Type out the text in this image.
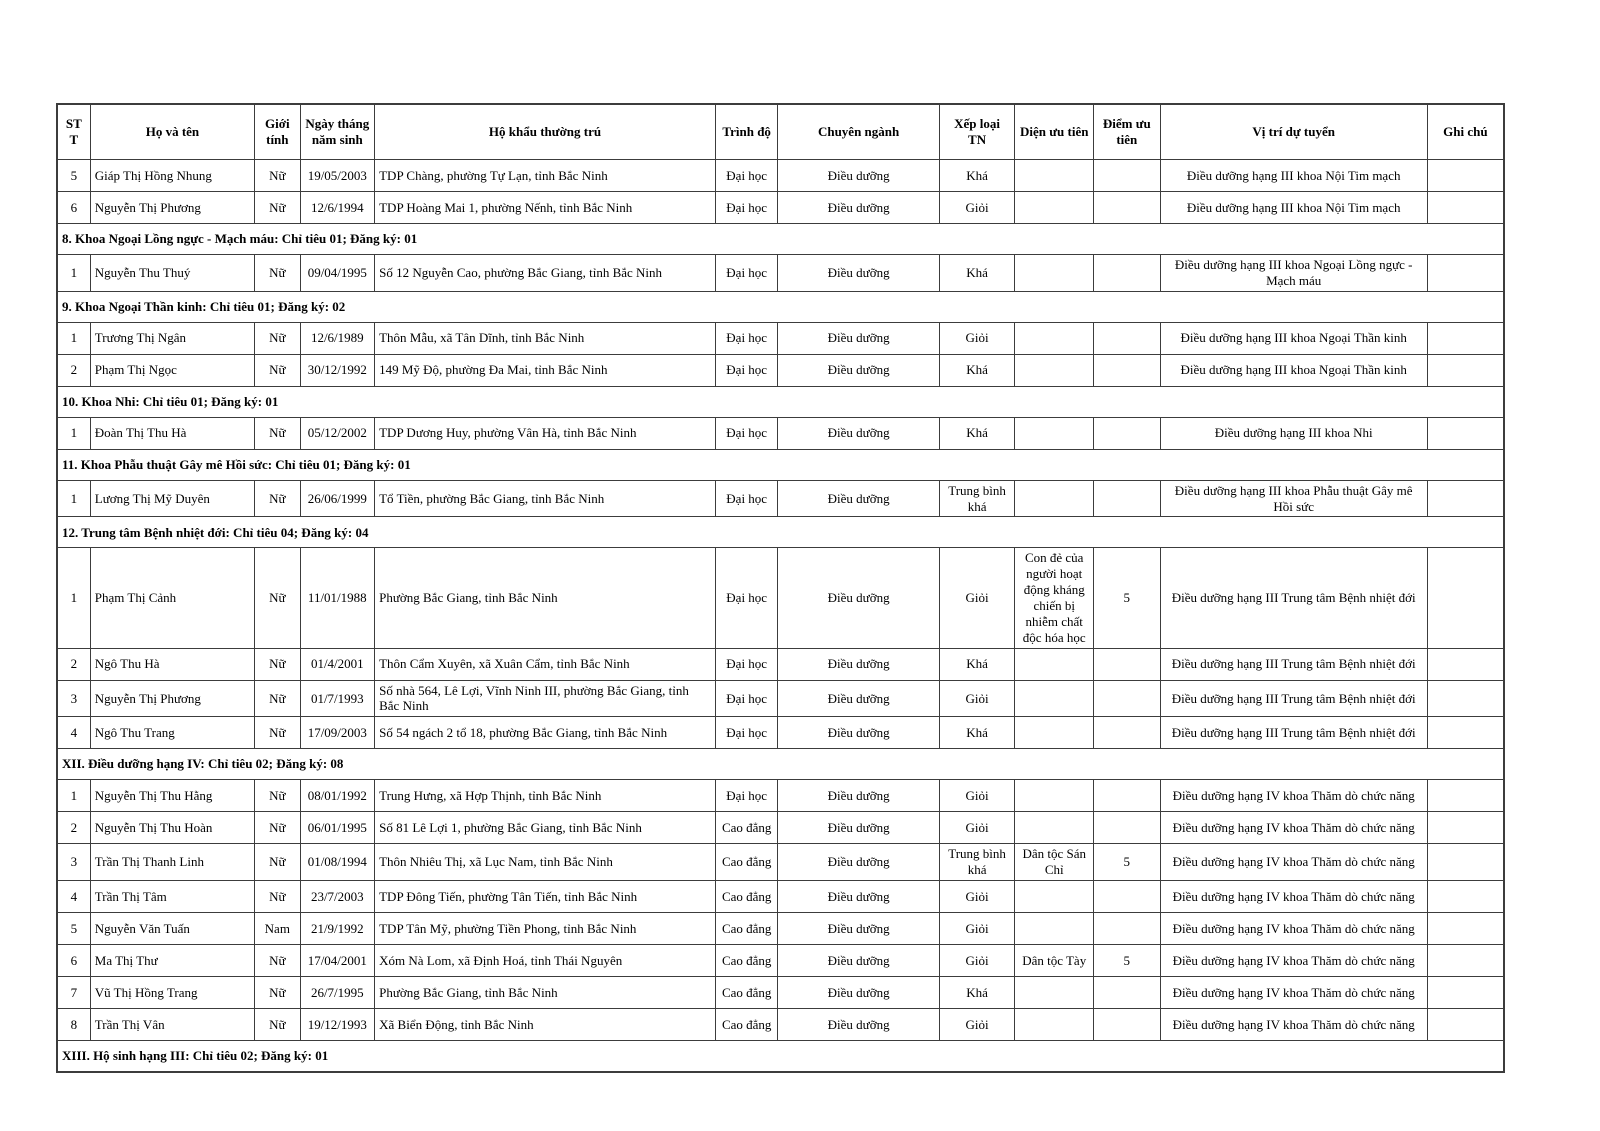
STT	Họ và tên	Giới tính	Ngày tháng năm sinh	Hộ khẩu thường trú	Trình độ	Chuyên ngành	Xếp loại TN	Diện ưu tiên	Điểm ưu tiên	Vị trí dự tuyển	Ghi chú
5	Giáp Thị Hồng Nhung	Nữ	19/05/2003	TDP Chàng, phường Tự Lạn, tỉnh Bắc Ninh	Đại học	Điều dưỡng	Khá			Điều dưỡng hạng III khoa Nội Tim mạch	
6	Nguyễn Thị Phương	Nữ	12/6/1994	TDP Hoàng Mai 1, phường Nếnh, tỉnh Bắc Ninh	Đại học	Điều dưỡng	Giỏi			Điều dưỡng hạng III khoa Nội Tim mạch	
8. Khoa Ngoại Lồng ngực - Mạch máu: Chỉ tiêu 01; Đăng ký: 01											
1	Nguyễn Thu Thuý	Nữ	09/04/1995	Số 12 Nguyễn Cao, phường Bắc Giang, tỉnh Bắc Ninh	Đại học	Điều dưỡng	Khá			Điều dưỡng hạng III khoa Ngoại Lồng ngực - Mạch máu	
9. Khoa Ngoại Thần kinh: Chỉ tiêu 01; Đăng ký: 02											
1	Trương Thị Ngân	Nữ	12/6/1989	Thôn Mẫu, xã Tân Dĩnh, tỉnh Bắc Ninh	Đại học	Điều dưỡng	Giỏi			Điều dưỡng hạng III khoa Ngoại Thần kinh	
2	Phạm Thị Ngọc	Nữ	30/12/1992	149 Mỹ Độ, phường Đa Mai, tỉnh Bắc Ninh	Đại học	Điều dưỡng	Khá			Điều dưỡng hạng III khoa Ngoại Thần kinh	
10. Khoa Nhi: Chỉ tiêu 01; Đăng ký: 01											
1	Đoàn Thị Thu Hà	Nữ	05/12/2002	TDP Dương Huy, phường Vân Hà, tỉnh Bắc Ninh	Đại học	Điều dưỡng	Khá			Điều dưỡng hạng III khoa Nhi	
11. Khoa Phẫu thuật Gây mê Hồi sức: Chỉ tiêu 01; Đăng ký: 01											
1	Lương Thị Mỹ Duyên	Nữ	26/06/1999	Tổ Tiền, phường Bắc Giang, tỉnh Bắc Ninh	Đại học	Điều dưỡng	Trung bình khá			Điều dưỡng hạng III khoa Phẫu thuật Gây mê Hồi sức	
12. Trung tâm Bệnh nhiệt đới: Chỉ tiêu 04; Đăng ký: 04											
1	Phạm Thị Cảnh	Nữ	11/01/1988	Phường Bắc Giang, tỉnh Bắc Ninh	Đại học	Điều dưỡng	Giỏi	Con đẻ của người hoạt động kháng chiến bị nhiễm chất độc hóa học	5	Điều dưỡng hạng III Trung tâm Bệnh nhiệt đới	
2	Ngô Thu Hà	Nữ	01/4/2001	Thôn Cẩm Xuyên, xã Xuân Cẩm, tỉnh Bắc Ninh	Đại học	Điều dưỡng	Khá			Điều dưỡng hạng III Trung tâm Bệnh nhiệt đới	
3	Nguyễn Thị Phương	Nữ	01/7/1993	Số nhà 564, Lê Lợi, Vĩnh Ninh III, phường Bắc Giang, tỉnh Bắc Ninh	Đại học	Điều dưỡng	Giỏi			Điều dưỡng hạng III Trung tâm Bệnh nhiệt đới	
4	Ngô Thu Trang	Nữ	17/09/2003	Số 54 ngách 2 tổ 18, phường Bắc Giang, tỉnh Bắc Ninh	Đại học	Điều dưỡng	Khá			Điều dưỡng hạng III Trung tâm Bệnh nhiệt đới	
XII. Điều dưỡng hạng IV: Chỉ tiêu 02; Đăng ký: 08											
1	Nguyễn Thị Thu Hằng	Nữ	08/01/1992	Trung Hưng, xã Hợp Thịnh, tỉnh Bắc Ninh	Đại học	Điều dưỡng	Giỏi			Điều dưỡng hạng IV khoa Thăm dò chức năng	
2	Nguyễn Thị Thu Hoàn	Nữ	06/01/1995	Số 81 Lê Lợi 1, phường Bắc Giang, tỉnh Bắc Ninh	Cao đẳng	Điều dưỡng	Giỏi			Điều dưỡng hạng IV khoa Thăm dò chức năng	
3	Trần Thị Thanh Linh	Nữ	01/08/1994	Thôn Nhiêu Thị, xã Lục Nam, tỉnh Bắc Ninh	Cao đẳng	Điều dưỡng	Trung bình khá	Dân tộc Sán Chỉ	5	Điều dưỡng hạng IV khoa Thăm dò chức năng	
4	Trần Thị Tâm	Nữ	23/7/2003	TDP Đông Tiến, phường Tân Tiến, tỉnh Bắc Ninh	Cao đẳng	Điều dưỡng	Giỏi			Điều dưỡng hạng IV khoa Thăm dò chức năng	
5	Nguyễn Văn Tuấn	Nam	21/9/1992	TDP Tân Mỹ, phường Tiền Phong, tỉnh Bắc Ninh	Cao đẳng	Điều dưỡng	Giỏi			Điều dưỡng hạng IV khoa Thăm dò chức năng	
6	Ma Thị Thư	Nữ	17/04/2001	Xóm Nà Lom, xã Định Hoá, tỉnh Thái Nguyên	Cao đẳng	Điều dưỡng	Giỏi	Dân tộc Tày	5	Điều dưỡng hạng IV khoa Thăm dò chức năng	
7	Vũ Thị Hồng Trang	Nữ	26/7/1995	Phường Bắc Giang, tỉnh Bắc Ninh	Cao đẳng	Điều dưỡng	Khá			Điều dưỡng hạng IV khoa Thăm dò chức năng	
8	Trần Thị Vân	Nữ	19/12/1993	Xã Biển Động, tỉnh Bắc Ninh	Cao đẳng	Điều dưỡng	Giỏi			Điều dưỡng hạng IV khoa Thăm dò chức năng	
XIII. Hộ sinh hạng III: Chỉ tiêu 02; Đăng ký: 01											
